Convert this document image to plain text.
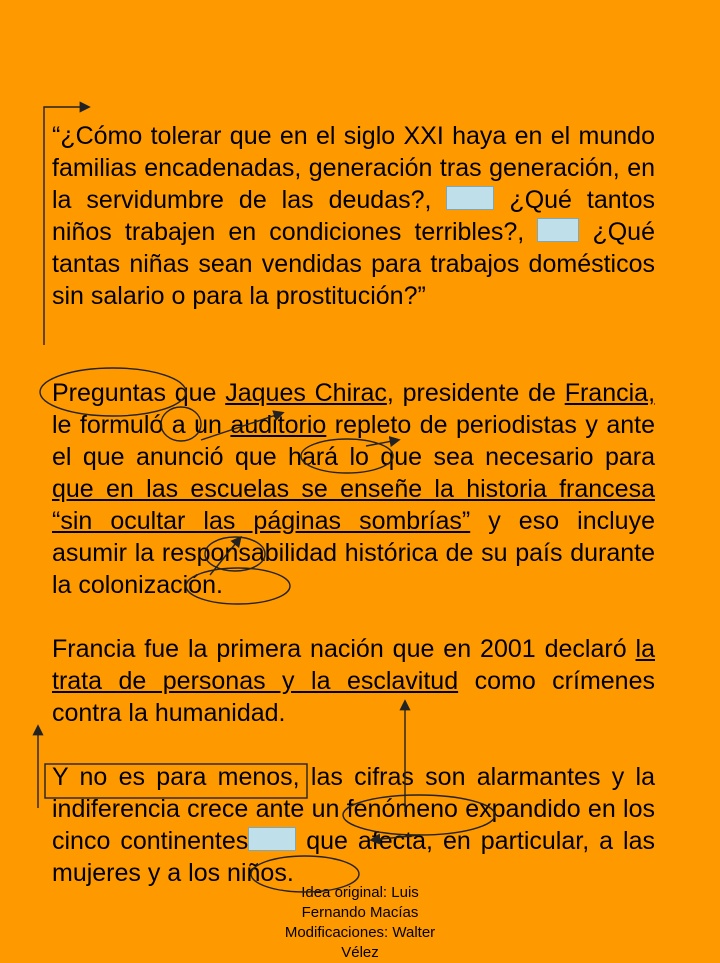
“¿Cómo tolerar que en el siglo XXI haya en el mundo familias encadenadas, generación tras generación, en la servidumbre de las deudas?,	¿Qué tantos niños trabajen en condiciones terribles?,	¿Qué tantas niñas sean vendidas para trabajos domésticos sin salario o para la prostitución?”

Preguntas que Jaques Chirac, presidente de Francia, le formuló a un auditorio repleto de periodistas y ante el que anunció que hará lo que sea necesario para que en las escuelas se enseñe la historia francesa “sin ocultar las páginas sombrías” y eso incluye asumir la responsabilidad histórica de su país durante la colonización.

Francia fue la primera nación que en 2001 declaró la trata de personas y la esclavitud como crímenes contra la humanidad.

Y no es para menos, las cifras son alarmantes y la indiferencia crece ante un fenómeno expandido en los cinco continentes que afecta, en particular, a las mujeres y a los niños.

Idea original: Luis
Fernando Macías
Modificaciones: Walter
Vélez
